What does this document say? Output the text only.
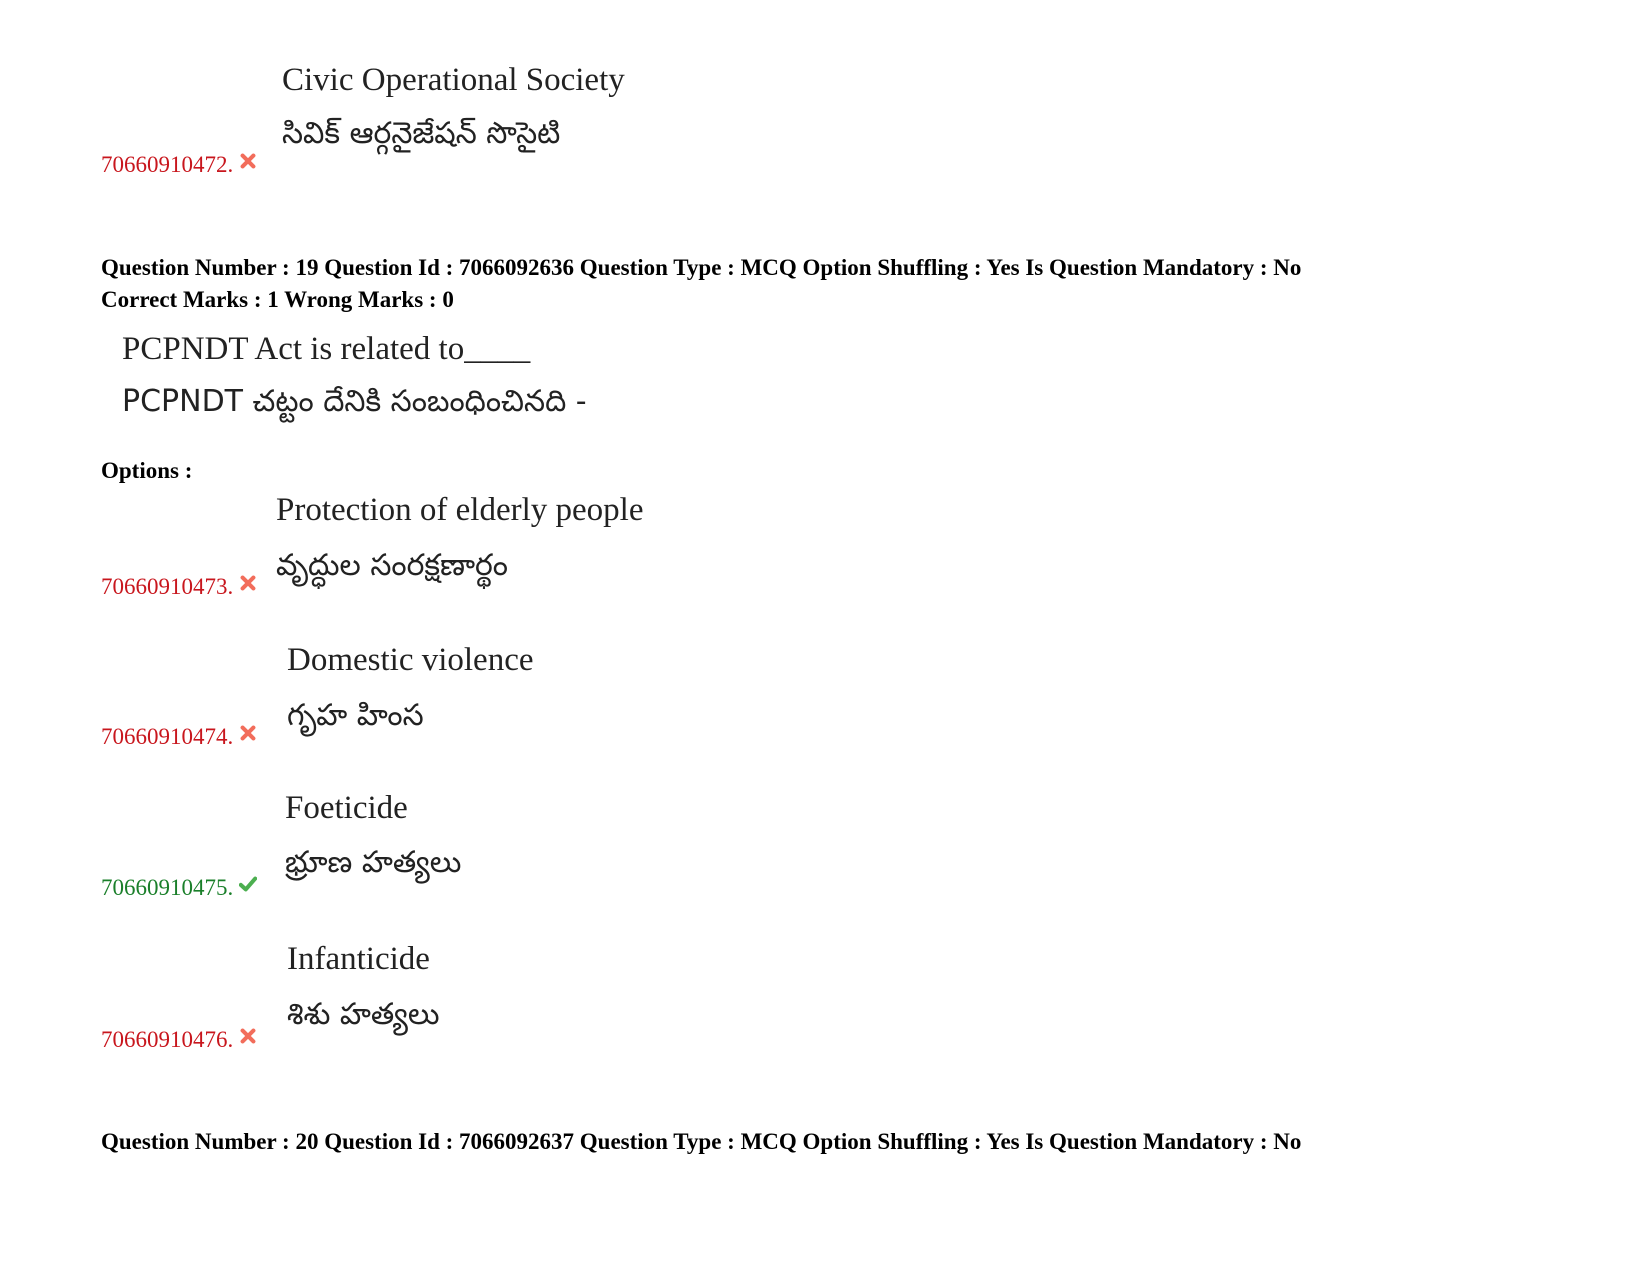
Civic Operational Society
సివిక్ ఆర్గనైజేషన్ సొసైటి
70660910472.
Question Number : 19 Question Id : 7066092636 Question Type : MCQ Option Shuffling : Yes Is Question Mandatory : No
Correct Marks : 1 Wrong Marks : 0
PCPNDT Act is related to____
PCPNDT చట్టం దేనికి సంబంధించినది -
Options :
Protection of elderly people
వృద్ధుల సంరక్షణార్థం
70660910473.
Domestic violence
గృహ హింస
70660910474.
Foeticide
భ్రూణ హత్యలు
70660910475.
Infanticide
శిశు హత్యలు
70660910476.
Question Number : 20 Question Id : 7066092637 Question Type : MCQ Option Shuffling : Yes Is Question Mandatory : No
